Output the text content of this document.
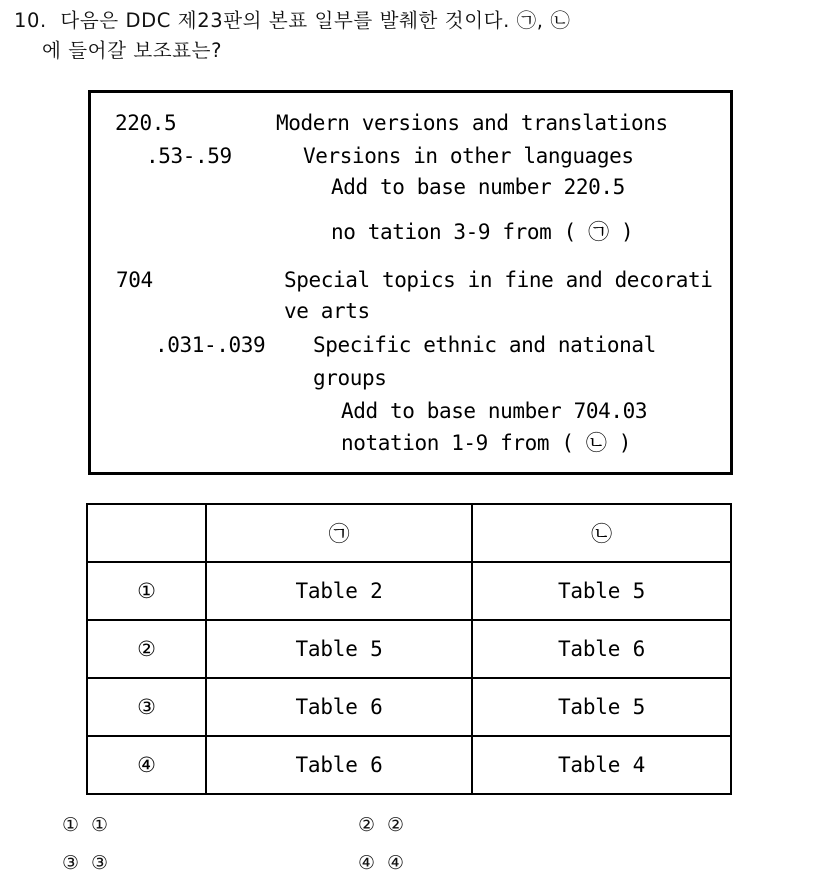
10.  다음은 DDC 제23판의 본표 일부를 발췌한 것이다. ㉠, ㉡
에 들어갈 보조표는?
220.5	Modern versions and translations
.53-.59	Versions in other languages
Add to base number 220.5
no tation 3-9 from ( ㉠ )
704	Special topics in fine and decorati
ve arts
.031-.039 Specific ethnic and national
groups
Add to base number 704.03
notation 1-9 from ( ㉡ )
	㉠	㉡
①	Table 2	Table 5
②	Table 5	Table 6
③	Table 6	Table 5
④	Table 6	Table 4
① ①	② ②
③ ③	④ ④
